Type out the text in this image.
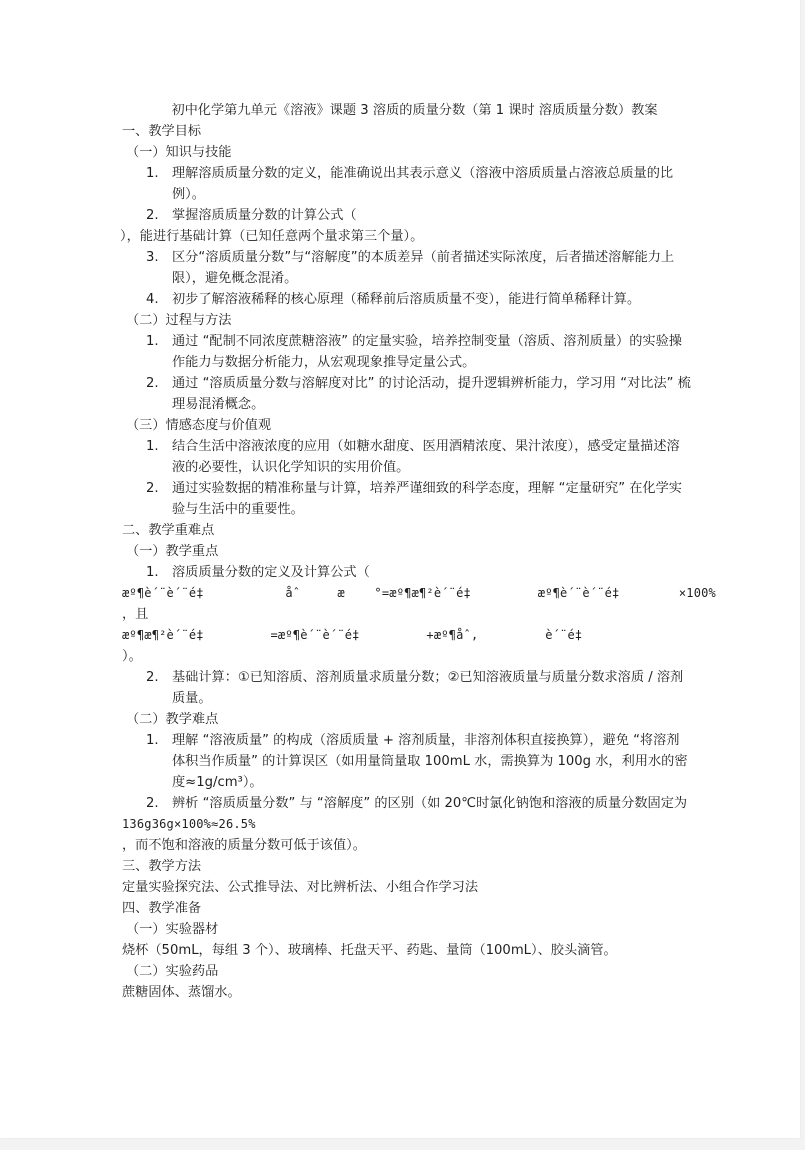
初中化学第九单元《溶液》课题 3 溶质的质量分数（第 1 课时 溶质质量分数）教案

一、教学目标

（一）知识与技能

1. 理解溶质质量分数的定义，能准确说出其表示意义（溶液中溶质质量占溶液总质量的比例）。

2. 掌握溶质质量分数的计算公式（

），能进行基础计算（已知任意两个量求第三个量）。

3. 区分“溶质质量分数”与“溶解度”的本质差异（前者描述实际浓度，后者描述溶解能力上限），避免概念混淆。

4. 初步了解溶液稀释的核心原理（稀释前后溶质质量不变），能进行简单稀释计算。

（二）过程与方法

1. 通过 “配制不同浓度蔗糖溶液” 的定量实验，培养控制变量（溶质、溶剂质量）的实验操作能力与数据分析能力，从宏观现象推导定量公式。

2. 通过 “溶质质量分数与溶解度对比” 的讨论活动，提升逻辑辨析能力，学习用 “对比法” 梳理易混淆概念。

（三）情感态度与价值观

1. 结合生活中溶液浓度的应用（如糖水甜度、医用酒精浓度、果汁浓度），感受定量描述溶液的必要性，认识化学知识的实用价值。

2. 通过实验数据的精准称量与计算，培养严谨细致的科学态度，理解 “定量研究” 在化学实验与生活中的重要性。

二、教学重难点

（一）教学重点

1. 溶质质量分数的定义及计算公式（

æº¶è´¨è´¨é‡           åˆ     æ    °=æº¶æ¶²è´¨é‡         æº¶è´¨è´¨é‡        ×100%

，且

æº¶æ¶²è´¨é‡         =æº¶è´¨è´¨é‡         +æº¶åˆ‚         è´¨é‡

）。

2. 基础计算：①已知溶质、溶剂质量求质量分数；②已知溶液质量与质量分数求溶质 / 溶剂质量。

（二）教学难点

1. 理解 “溶液质量” 的构成（溶质质量 + 溶剂质量，非溶剂体积直接换算），避免 “将溶剂体积当作质量” 的计算误区（如用量筒量取 100mL 水，需换算为 100g 水，利用水的密度≈1g/cm³）。

2. 辨析 “溶质质量分数” 与 “溶解度” 的区别（如 20℃时氯化钠饱和溶液的质量分数固定为

136g36g×100%≈26.5%

，而不饱和溶液的质量分数可低于该值）。

三、教学方法

定量实验探究法、公式推导法、对比辨析法、小组合作学习法

四、教学准备

（一）实验器材

烧杯（50mL，每组 3 个）、玻璃棒、托盘天平、药匙、量筒（100mL）、胶头滴管。

（二）实验药品

蔗糖固体、蒸馏水。
